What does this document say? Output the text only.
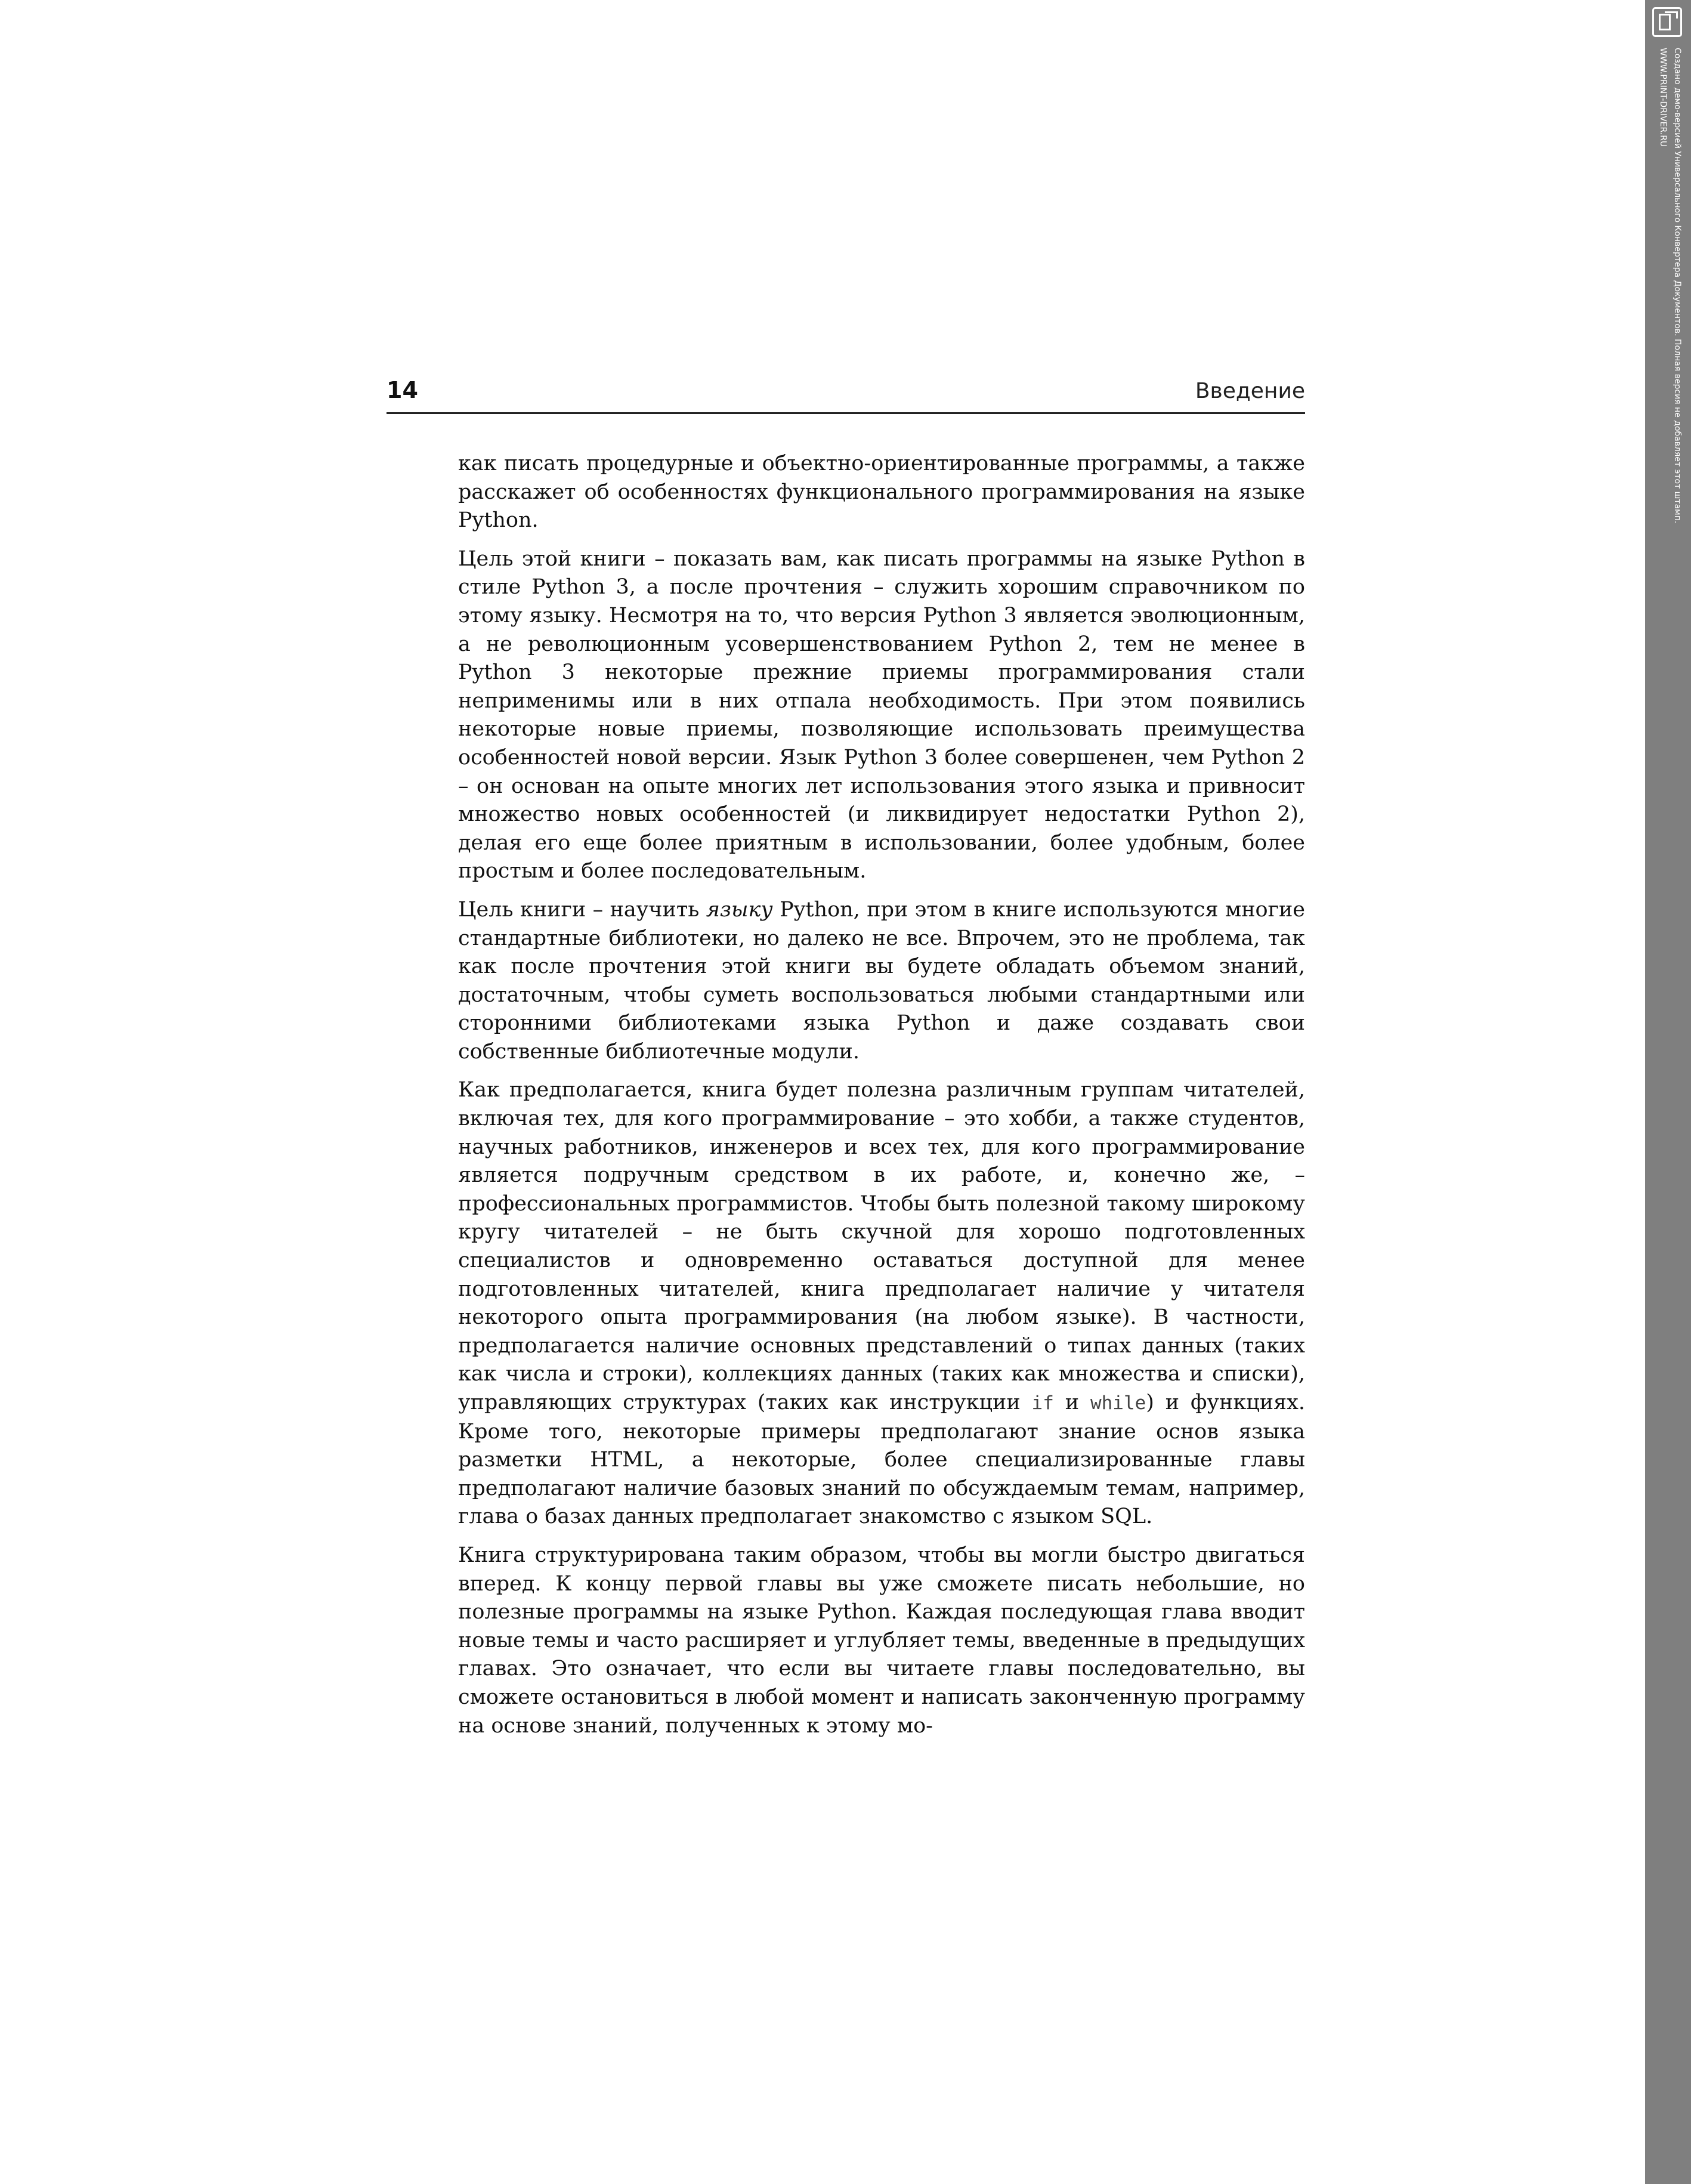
14	Введение

как писать процедурные и объектно-ориентированные программы, а также расскажет об особенностях функционального программирования на языке Python.

Цель этой книги – показать вам, как писать программы на языке Python в стиле Python 3, а после прочтения – служить хорошим справочником по этому языку. Несмотря на то, что версия Python 3 является эволюционным, а не революционным усовершенствованием Python 2, тем не менее в Python 3 некоторые прежние приемы программирования стали неприменимы или в них отпала необходимость. При этом появились некоторые новые приемы, позволяющие использовать преимущества особенностей новой версии. Язык Python 3 более совершенен, чем Python 2 – он основан на опыте многих лет использования этого языка и привносит множество новых особенностей (и ликвидирует недостатки Python 2), делая его еще более приятным в использовании, более удобным, более простым и более последовательным.

Цель книги – научить языку Python, при этом в книге используются многие стандартные библиотеки, но далеко не все. Впрочем, это не проблема, так как после прочтения этой книги вы будете обладать объемом знаний, достаточным, чтобы суметь воспользоваться любыми стандартными или сторонними библиотеками языка Python и даже создавать свои собственные библиотечные модули.

Как предполагается, книга будет полезна различным группам читателей, включая тех, для кого программирование – это хобби, а также студентов, научных работников, инженеров и всех тех, для кого программирование является подручным средством в их работе, и, конечно же, – профессиональных программистов. Чтобы быть полезной такому широкому кругу читателей – не быть скучной для хорошо подготовленных специалистов и одновременно оставаться доступной для менее подготовленных читателей, книга предполагает наличие у читателя некоторого опыта программирования (на любом языке). В частности, предполагается наличие основных представлений о типах данных (таких как числа и строки), коллекциях данных (таких как множества и списки), управляющих структурах (таких как инструкции if и while) и функциях. Кроме того, некоторые примеры предполагают знание основ языка разметки HTML, а некоторые, более специализированные главы предполагают наличие базовых знаний по обсуждаемым темам, например, глава о базах данных предполагает знакомство с языком SQL.

Книга структурирована таким образом, чтобы вы могли быстро двигаться вперед. К концу первой главы вы уже сможете писать небольшие, но полезные программы на языке Python. Каждая последующая глава вводит новые темы и часто расширяет и углубляет темы, введенные в предыдущих главах. Это означает, что если вы читаете главы последовательно, вы сможете остановиться в любой момент и написать законченную программу на основе знаний, полученных к этому мо-

Создано демо-версией Универсального Конвертера Документов. Полная версия не добавляет этот штамп.
WWW.PRINT-DRIVER.RU
